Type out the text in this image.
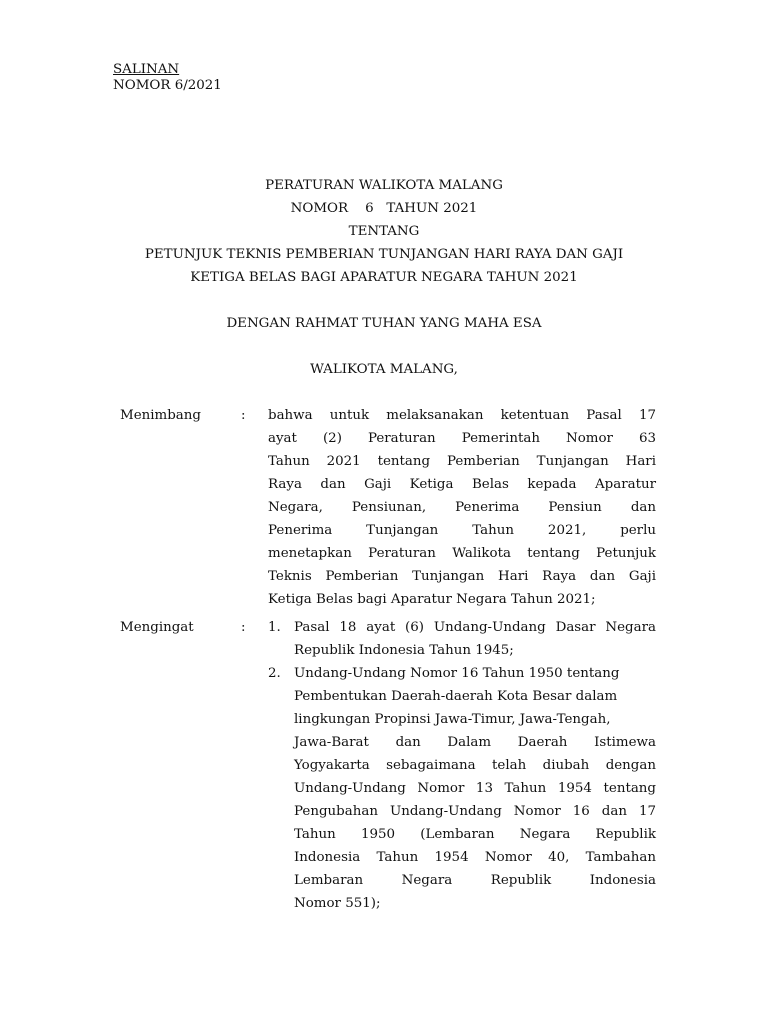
SALINAN
NOMOR 6/2021
PERATURAN WALIKOTA MALANG
NOMOR    6   TAHUN 2021
TENTANG
PETUNJUK TEKNIS PEMBERIAN TUNJANGAN HARI RAYA DAN GAJI
KETIGA BELAS BAGI APARATUR NEGARA TAHUN 2021
DENGAN RAHMAT TUHAN YANG MAHA ESA
WALIKOTA MALANG,
Menimbang	: bahwa untuk melaksanakan ketentuan Pasal 17
ayat (2) Peraturan Pemerintah Nomor 63
Tahun 2021 tentang Pemberian Tunjangan Hari
Raya dan Gaji Ketiga Belas kepada Aparatur
Negara, Pensiunan, Penerima Pensiun dan
Penerima Tunjangan Tahun 2021, perlu
menetapkan Peraturan Walikota tentang Petunjuk
Teknis Pemberian Tunjangan Hari Raya dan Gaji
Ketiga Belas bagi Aparatur Negara Tahun 2021;
Mengingat	: 1. Pasal 18 ayat (6) Undang-Undang Dasar Negara
Republik Indonesia Tahun 1945;
2. Undang-Undang Nomor 16 Tahun 1950 tentang
Pembentukan Daerah-daerah Kota Besar dalam
lingkungan Propinsi Jawa-Timur, Jawa-Tengah,
Jawa-Barat dan Dalam Daerah Istimewa
Yogyakarta sebagaimana telah diubah dengan
Undang-Undang Nomor 13 Tahun 1954 tentang
Pengubahan Undang-Undang Nomor 16 dan 17
Tahun 1950 (Lembaran Negara Republik
Indonesia Tahun 1954 Nomor 40, Tambahan
Lembaran Negara Republik Indonesia
Nomor 551);
